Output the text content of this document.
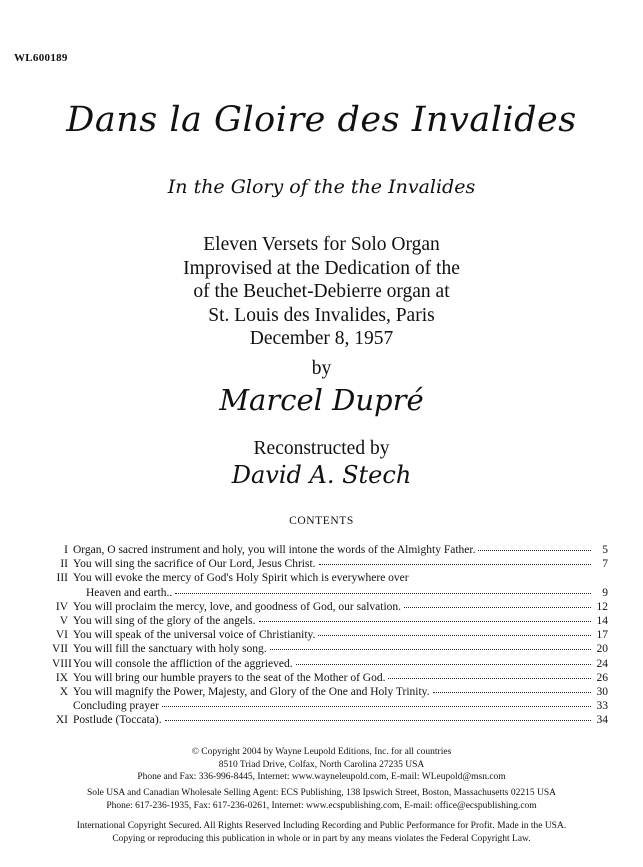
WL600189
Dans la Gloire des Invalides
In the Glory of the the Invalides
Eleven Versets for Solo Organ
Improvised at the Dedication of the
of the Beuchet-Debierre organ at
St. Louis des Invalides, Paris
December 8, 1957
by
Marcel Dupré
Reconstructed by
David A. Stech
CONTENTS
I Organ, O sacred instrument and holy, you will intone the words of the Almighty Father.	5
II You will sing the sacrifice of Our Lord, Jesus Christ.	7
III You will evoke the mercy of God's Holy Spirit which is everywhere over
Heaven and earth..	9
IV You will proclaim the mercy, love, and goodness of God, our salvation.	12
V You will sing of the glory of the angels.	14
VI You will speak of the universal voice of Christianity.	17
VII You will fill the sanctuary with holy song.	20
VIII You will console the affliction of the aggrieved.	24
IX You will bring our humble prayers to the seat of the Mother of God.	26
X You will magnify the Power, Majesty, and Glory of the One and Holy Trinity.	30
Concluding prayer	33
XI Postlude (Toccata).	34
© Copyright 2004 by Wayne Leupold Editions, Inc. for all countries
8510 Triad Drive, Colfax, North Carolina 27235 USA
Phone and Fax: 336-996-8445, Internet: www.wayneleupold.com, E-mail: WLeupold@msn.com
Sole USA and Canadian Wholesale Selling Agent: ECS Publishing, 138 Ipswich Street, Boston, Massachusetts 02215 USA
Phone: 617-236-1935, Fax: 617-236-0261, Internet: www.ecspublishing.com, E-mail: office@ecspublishing.com
International Copyright Secured. All Rights Reserved Including Recording and Public Performance for Profit. Made in the USA.
Copying or reproducing this publication in whole or in part by any means violates the Federal Copyright Law.
